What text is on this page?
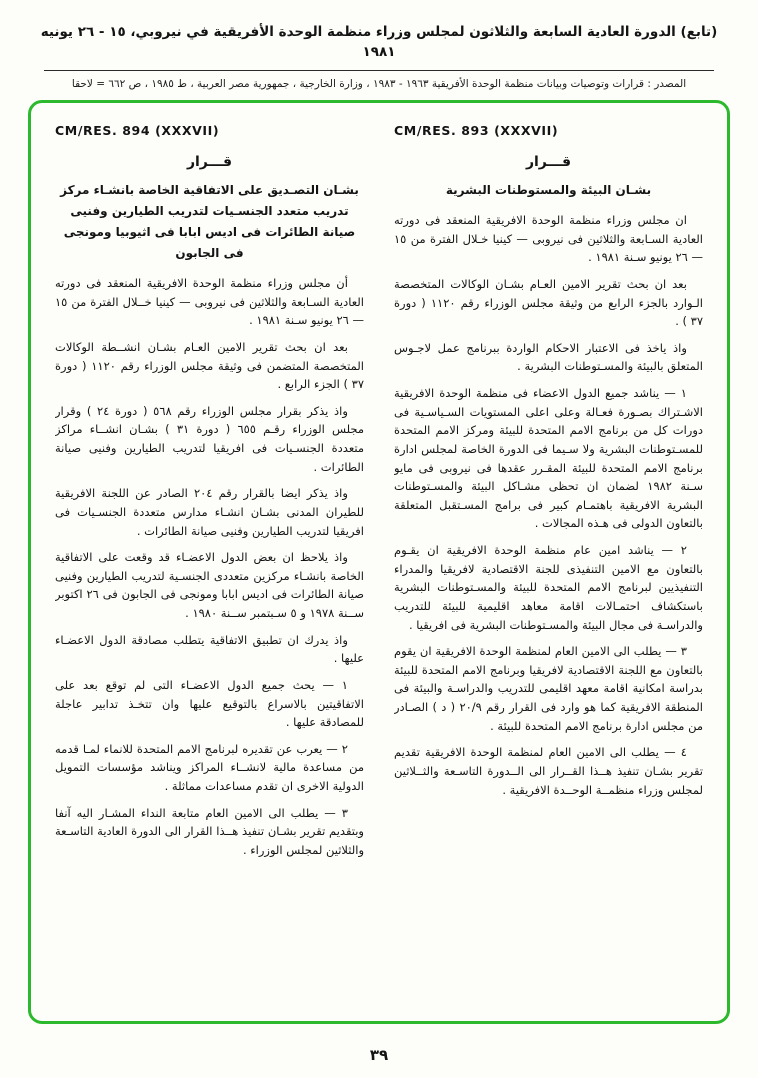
(تابع) الدورة العادية السابعة والثلاثون لمجلس وزراء منظمة الوحدة الأفريقية في نيروبي، ١٥ - ٢٦ يونيه ١٩٨١
المصدر : قرارات وتوصيات وبيانات منظمة الوحدة الأفريقية ١٩٦٣ - ١٩٨٣ ، وزارة الخارجية ، جمهورية مصر العربية ، ط ١٩٨٥ ، ص ٦٦٢ = لاحقا
CM/RES. 893 (XXXVII)
قـــرار
بشـان البيئة والمستوطنات البشرية

ان مجلس وزراء منظمة الوحدة الافريقية المنعقد فى دورته العادية السـابعة والثلاثين فى نيروبى — كينيا خـلال الفترة من ١٥ — ٢٦ يونيو سـنة ١٩٨١ .

بعد ان بحث تقرير الامين العـام بشـان الوكالات المتخصصة الـوارد بالجزء الرابع من وثيقة مجلس الوزراء رقم ١١٢٠ ( دورة ٣٧ ) .

واذ ياخذ فى الاعتبار الاحكام الواردة ببرنامج عمل لاجـوس المتعلق بالبيئة والمسـتوطنات البشرية .

١ — يناشد جميع الدول الاعضاء فى منظمة الوحدة الافريقية الاشـتراك بصـورة فعـالة وعلى اعلى المستويات السـياسـية فى دورات كل من برنامج الامم المتحدة للبيئة ومركز الامم المتحدة للمسـتوطنات البشرية ولا سـيما فى الدورة الخاصة لمجلس ادارة برنامج الامم المتحدة للبيئة المقـرر عقدها فى نيروبى فى مايو سـنة ١٩٨٢ لضمان ان تحظى مشـاكل البيئة والمسـتوطنات البشرية الافريقية باهتمـام كبير فى برامج المسـتقبل المتعلقة بالتعاون الدولى فى هـذه المجالات .

٢ — يناشد امين عام منظمة الوحدة الافريقية ان يقـوم بالتعاون مع الامين التنفيذى للجنة الاقتصادية لافريقيا والمدراء التنفيذيين لبرنامج الامم المتحدة للبيئة والمسـتوطنات البشرية باستكشاف احتمـالات اقامة معاهد اقليمية للبيئة للتدريب والدراسـة فى مجال البيئة والمسـتوطنات البشرية فى افريقيا .

٣ — يطلب الى الامين العام لمنظمة الوحدة الافريقية ان يقوم بالتعاون مع اللجنة الاقتصادية لافريقيا وبرنامج الامم المتحدة للبيئة بدراسة امكانية اقامة معهد اقليمى للتدريب والدراسـة والبيئة فى المنطقة الافريقية كما هو وارد فى القرار رقم ٢٠/٩ ( د ) الصـادر من مجلس ادارة برنامج الامم المتحدة للبيئة .

٤ — يطلب الى الامين العام لمنظمة الوحدة الافريقية تقديم تقرير بشـان تنفيذ هــذا القــرار الى الــدورة التاسـعة والثــلاثين لمجلس وزراء منظمــة الوحــدة الافريقية .

CM/RES. 894 (XXXVII)
قـــرار
بشـان التصـديق على الاتفاقية الخاصة بانشـاء مركز تدريب متعدد الجنسـيات لتدريب الطيارين وفنيى صيانة الطائرات فى اديس ابابا فى اثيوبيا ومونجى فى الجابون

أن مجلس وزراء منظمة الوحدة الافريقية المنعقد فى دورته العادية السـابعة والثلاثين فى نيروبى — كينيا خــلال الفترة من ١٥ — ٢٦ يونيو سـنة ١٩٨١ .

بعد ان بحث تقرير الامين العـام بشـان انشــطة الوكالات المتخصصة المتضمن فى وثيقة مجلس الوزراء رقم ١١٢٠ ( دورة ٣٧ ) الجزء الرابع .

واذ يذكر بقرار مجلس الوزراء رقم ٥٦٨ ( دورة ٢٤ ) وقرار مجلس الوزراء رقـم ٦٥٥ ( دورة ٣١ ) بشـان انشــاء مراكز متعددة الجنسـيات فى افريقيا لتدريب الطيارين وفنيى صيانة الطائرات .

واذ يذكر ايضا بالقرار رقم ٢٠٤ الصادر عن اللجنة الافريقية للطيران المدنى بشـان انشـاء مدارس متعددة الجنسـيات فى افريقيا لتدريب الطيارين وفنيى صيانة الطائرات .

واذ يلاحظ ان بعض الدول الاعضـاء قد وقعت على الاتفاقية الخاصة بانشـاء مركزين متعددى الجنسـية لتدريب الطيارين وفنيى صيانة الطائرات فى اديس ابابا ومونجى فى الجابون فى ٢٦ اكتوبر ســنة ١٩٧٨ و ٥ سـبتمبر ســنة ١٩٨٠ .

واذ يدرك ان تطبيق الاتفاقية يتطلب مصادقة الدول الاعضـاء عليها .

١ — يحث جميع الدول الاعضـاء التى لم توقع بعد على الاتفاقيتين بالاسراع بالتوقيع عليها وان تتخـذ تدابير عاجلة للمصادقة عليها .

٢ — يعرب عن تقديره لبرنامج الامم المتحدة للانماء لمـا قدمه من مساعدة مالية لانشــاء المراكز ويناشد مؤسسات التمويل الدولية الاخرى ان تقدم مساعدات مماثلة .

٣ — يطلب الى الامين العام متابعة النداء المشـار اليه آنفا وبتقديم تقرير بشـان تنفيذ هــذا القرار الى الدورة العادية التاسـعة والثلاثين لمجلس الوزراء .

٣٩
